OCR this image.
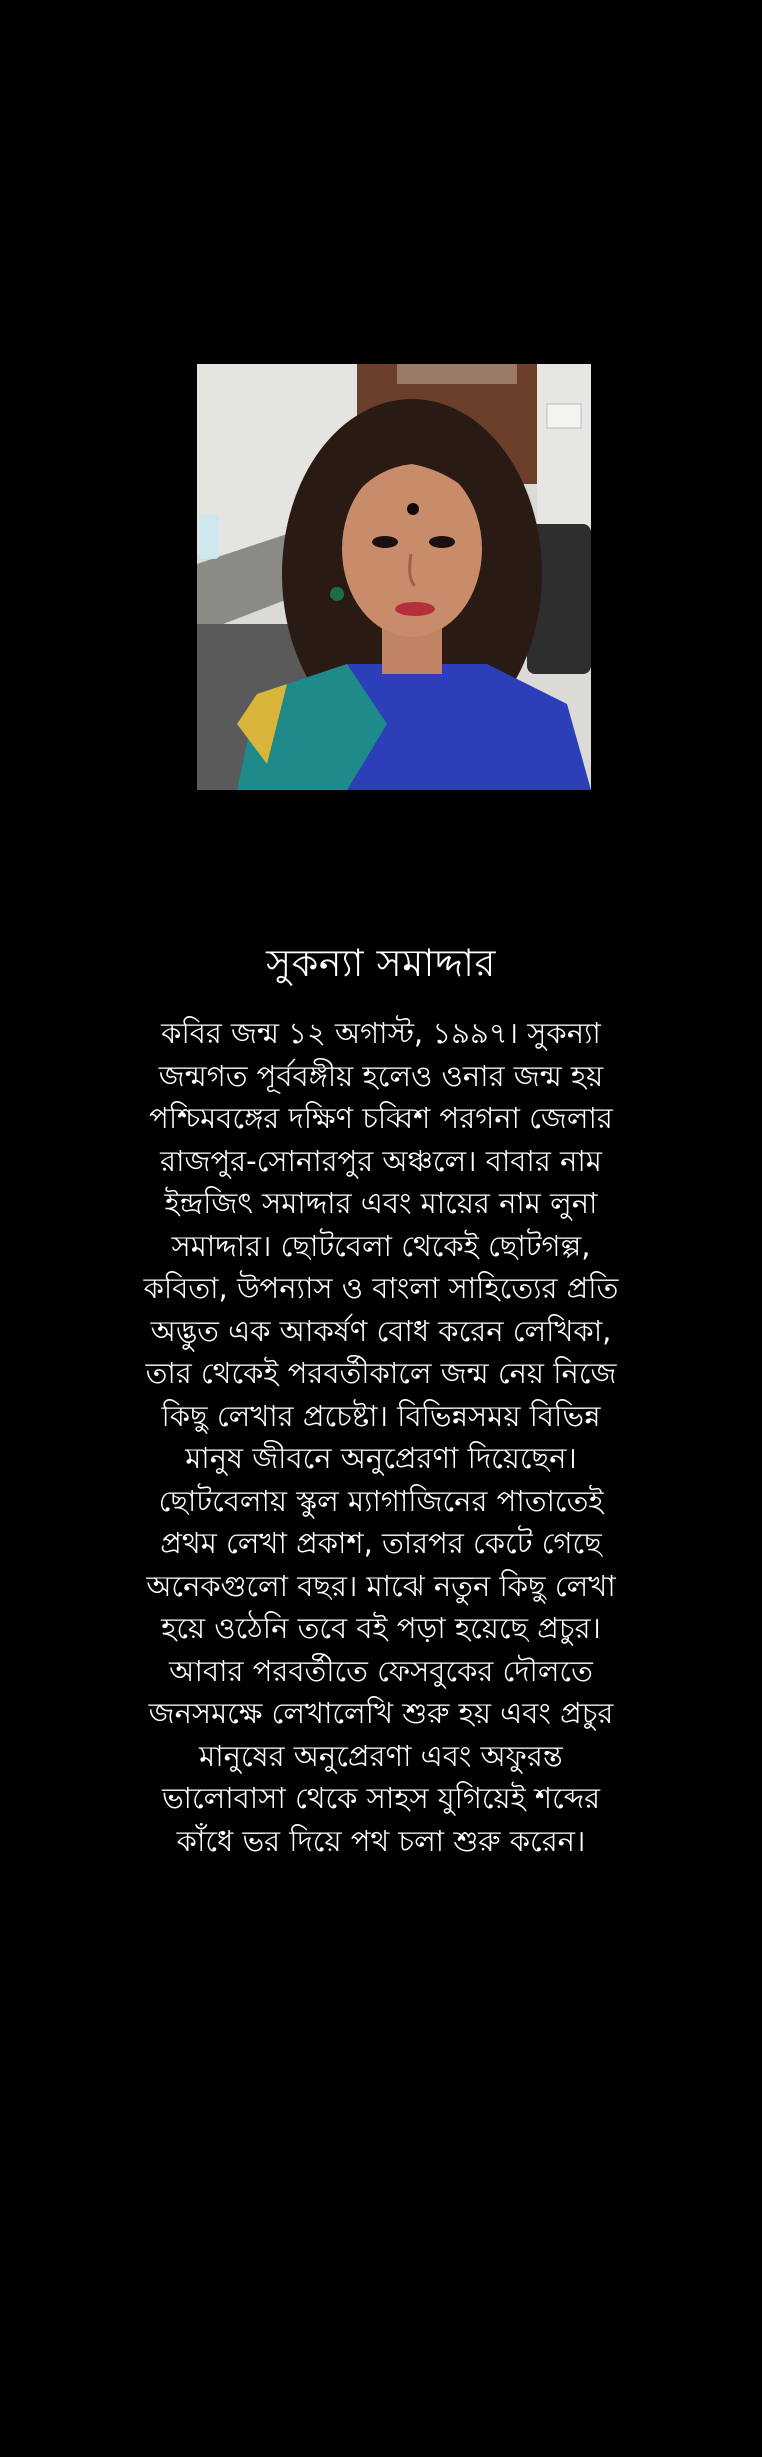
সুকন্যা সমাদ্দার

কবির জন্ম ১২ অগাস্ট, ১৯৯৭। সুকন্যা
জন্মগত পূর্ববঙ্গীয় হলেও ওনার জন্ম হয়
পশ্চিমবঙ্গের দক্ষিণ চব্বিশ পরগনা জেলার
রাজপুর-সোনারপুর অঞ্চলে। বাবার নাম
ইন্দ্রজিৎ সমাদ্দার এবং মায়ের নাম লুনা
সমাদ্দার। ছোটবেলা থেকেই ছোটগল্প,
কবিতা, উপন্যাস ও বাংলা সাহিত্যের প্রতি
অদ্ভুত এক আকর্ষণ বোধ করেন লেখিকা,
তার থেকেই পরবর্তীকালে জন্ম নেয় নিজে
কিছু লেখার প্রচেষ্টা। বিভিন্নসময় বিভিন্ন
মানুষ জীবনে অনুপ্রেরণা দিয়েছেন।
ছোটবেলায় স্কুল ম্যাগাজিনের পাতাতেই
প্রথম লেখা প্রকাশ, তারপর কেটে গেছে
অনেকগুলো বছর। মাঝে নতুন কিছু লেখা
হয়ে ওঠেনি তবে বই পড়া হয়েছে প্রচুর।
আবার পরবর্তীতে ফেসবুকের দৌলতে
জনসমক্ষে লেখালেখি শুরু হয় এবং প্রচুর
মানুষের অনুপ্রেরণা এবং অফুরন্ত
ভালোবাসা থেকে সাহস যুগিয়েই শব্দের
কাঁধে ভর দিয়ে পথ চলা শুরু করেন।
